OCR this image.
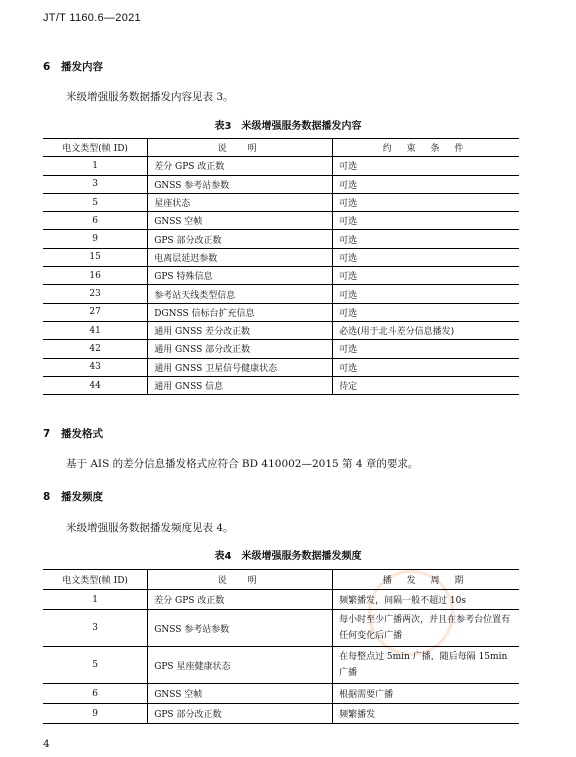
JT/T 1160.6—2021
6 播发内容
米级增强服务数据播发内容见表 3。
表3　米级增强服务数据播发内容
电文类型(帧 ID)	说　明	约 束 条 件
1	差分 GPS 改正数	可选
3	GNSS 参考站参数	可选
5	星座状态	可选
6	GNSS 空帧	可选
9	GPS 部分改正数	可选
15	电离层延迟参数	可选
16	GPS 特殊信息	可选
23	参考站天线类型信息	可选
27	DGNSS 信标台扩充信息	可选
41	通用 GNSS 差分改正数	必选(用于北斗差分信息播发)
42	通用 GNSS 部分改正数	可选
43	通用 GNSS 卫星信号健康状态	可选
44	通用 GNSS 信息	待定
7 播发格式
基于 AIS 的差分信息播发格式应符合 BD 410002—2015 第 4 章的要求。
8 播发频度
米级增强服务数据播发频度见表 4。
表4　米级增强服务数据播发频度
电文类型(帧 ID)	说　明	播 发 周 期
1	差分 GPS 改正数	频繁播发，间隔一般不超过 10s
3	GNSS 参考站参数	每小时至少广播两次，并且在参考台位置有任何变化后广播
5	GPS 星座健康状态	在每整点过 5min 广播，随后每隔 15min 广播
6	GNSS 空帧	根据需要广播
9	GPS 部分改正数	频繁播发
4
